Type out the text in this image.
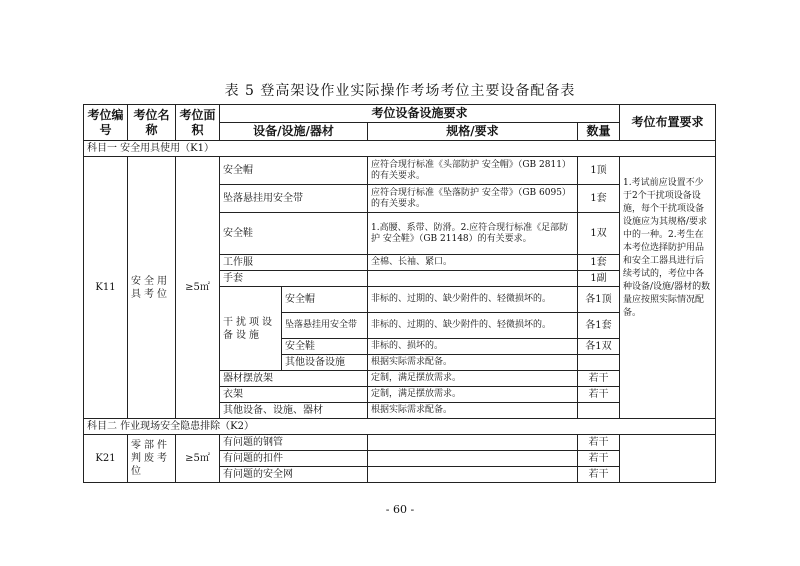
表 5 登高架设作业实际操作考场考位主要设备配备表
考位编号	考位名称	考位面积	考位设备设施要求				考位布置要求
			设备/设施/器材		规格/要求	数量	
科目一 安全用具使用（K1）							
K11	安全用具考位	≥5㎡	安全帽		应符合现行标准《头部防护 安全帽》（GB 2811）的有关要求。	1顶	1.考试前应设置不少于2个干扰项设备设施，每个干扰项设备设施应为其规格/要求中的一种。2.考生在本考位选择防护用品和安全工器具进行后续考试的，考位中各种设备/设施/器材的数量应按照实际情况配备。
			坠落悬挂用安全带		应符合现行标准《坠落防护 安全带》（GB 6095）的有关要求。	1套	
			安全鞋		1.高腰、系带、防滑。2.应符合现行标准《足部防护 安全鞋》（GB 21148）的有关要求。	1双	
			工作服		全棉、长袖、紧口。	1套	
			手套			1副	
			干扰项设备设施	安全帽	非标的、过期的、缺少附件的、轻微损坏的。	各1顶	
				坠落悬挂用安全带	非标的、过期的、缺少附件的、轻微损坏的。	各1套	
				安全鞋	非标的、损坏的。	各1双	
				其他设备设施	根据实际需求配备。		
			器材摆放架		定制，满足摆放需求。	若干	
			衣架		定制，满足摆放需求。	若干	
			其他设备、设施、器材		根据实际需求配备。		
科目二 作业现场安全隐患排除（K2）							
K21	零部件判废考位	≥5㎡	有问题的钢管			若干	
			有问题的扣件			若干	
			有问题的安全网			若干	
- 60 -
